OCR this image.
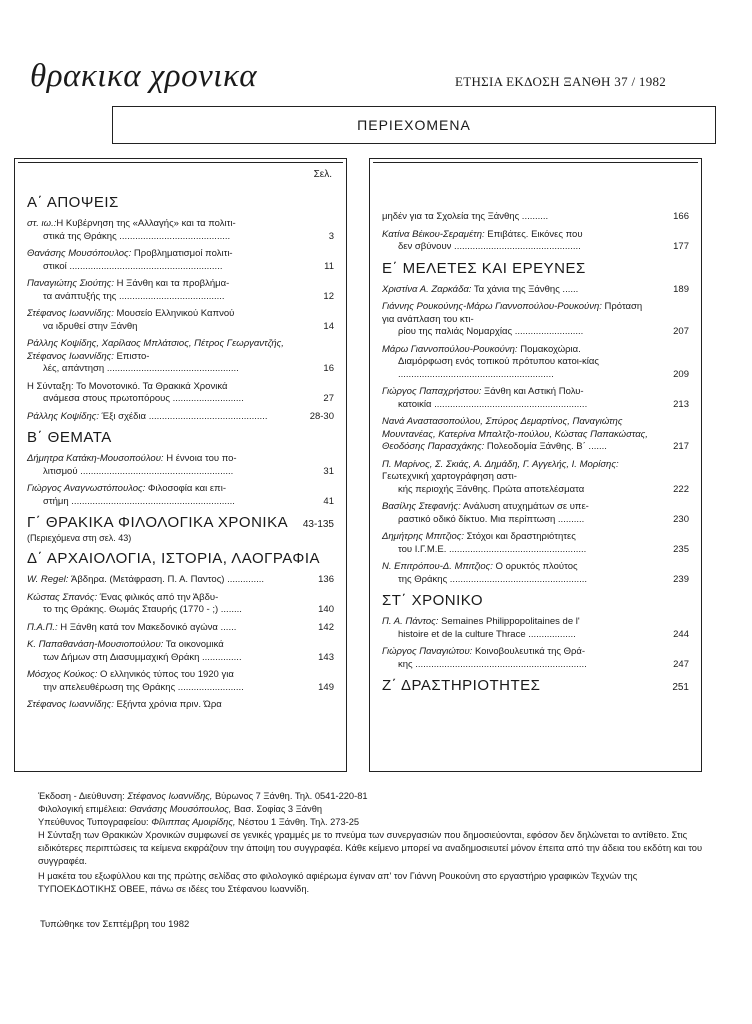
θρακικα χρονικα	ΕΤΗΣΙΑ ΕΚΔΟΣΗ ΞΑΝΘΗ 37 / 1982
ΠΕΡΙΕΧΟΜΕΝΑ
Σελ.
Α΄ ΑΠΟΨΕΙΣ
στ. ιω.:Η Κυβέρνηση της «Αλλαγής» και τα πολιτι-
στικά της Θράκης ..........................................	3
Θανάσης Μουσόπουλος: Προβληματισμοί πολιτι-
στικοί ..........................................................	11
Παναγιώτης Σιούτης: Η Ξάνθη και τα προβλήμα-
τα ανάπτυξής της ........................................	12
Στέφανος Ιωαννίδης: Μουσείο Ελληνικού Καπνού
να ιδρυθεί στην Ξάνθη	14
Ράλλης Κοψίδης, Χαρίλαος Μπλάτσιος, Πέτρος Γεωργαντζής, Στέφανος Ιωαννίδης: Επιστο-
λές, απάντηση ..................................................	16
Η Σύνταξη: Το Μονοτονικό. Τα Θρακικά Χρονικά
ανάμεσα στους πρωτοπόρους ...........................	27
Ράλλης Κοψίδης: Έξι σχέδια .............................................	28-30
Β΄ ΘΕΜΑΤΑ
Δήμητρα Κατάκη-Μουσοπούλου: Η έννοια του πο-
λιτισμού ..........................................................	31
Γιώργος Αναγνωστόπουλος: Φιλοσοφία και επι-
στήμη ..............................................................	41
Γ΄ ΘΡΑΚΙΚΑ ΦΙΛΟΛΟΓΙΚΑ ΧΡΟΝΙΚΑ 43-135
(Περιεχόμενα στη σελ. 43)
Δ΄ ΑΡΧΑΙΟΛΟΓΙΑ, ΙΣΤΟΡΙΑ, ΛΑΟΓΡΑΦΙΑ
W. Regel: Άβδηρα. (Μετάφραση. Π. Α. Παντος) ..............	136
Κώστας Σπανός: Ένας φιλικός από την Άβδυ-
το της Θράκης. Θωμάς Σταυρής (1770 - ;) ........	140
Π.Α.Π.: Η Ξάνθη κατά τον Μακεδονικό αγώνα ......	142
Κ. Παπαθανάση-Μουσιοπούλου: Τα οικονομικά
των Δήμων στη Διασυμμαχική Θράκη ...............	143
Μόσχος Κούκος: Ο ελληνικός τύπος του 1920 για
την απελευθέρωση της Θράκης .........................	149
Στέφανος Ιωαννίδης: Εξήντα χρόνια πριν. Ώρα
μηδέν για τα Σχολεία της Ξάνθης ..........	166
Κατίνα Βέικου-Σεραμέτη: Επιβάτες. Εικόνες που
δεν σβύνουν ................................................	177
Ε΄ ΜΕΛΕΤΕΣ ΚΑΙ ΕΡΕΥΝΕΣ
Χριστίνα Α. Ζαρκάδα: Τα χάνια της Ξάνθης ......	189
Γιάννης Ρουκούνης-Μάρω Γιαννοπούλου-Ρουκούνη: Πρόταση για ανάπλαση του κτι-
ρίου της παλιάς Νομαρχίας ..........................	207
Μάρω Γιαννοπούλου-Ρουκούνη: Πομακοχώρια.
Διαμόρφωση ενός τοπικού πρότυπου κατοι-κίας ...........................................................	209
Γιώργος Παπαχρήστου: Ξάνθη και Αστική Πολυ-
κατοικία ..........................................................	213
Νανά Αναστασοπούλου, Σπύρος Δεμαρτίνος, Παναγιώτης Μουντανέας, Κατερίνα Μπαλτζο-πούλου, Κώστας Παπακώστας, Θεοδόσης Παρασχάκης: Πολεοδομία Ξάνθης. Β΄ .......	217
Π. Μαρίνος, Σ. Σκιάς, Α. Δημάδη, Γ. Αγγελής, Ι. Μορίσης: Γεωτεχνική χαρτογράφηση αστι-
κής περιοχής Ξάνθης. Πρώτα αποτελέσματα	222
Βασίλης Στεφανής: Ανάλυση ατυχημάτων σε υπε-
ραστικό οδικό δίκτυο. Μια περίπτωση ..........	230
Δημήτρης Μπιτζιος: Στόχοι και δραστηριότητες
του Ι.Γ.Μ.Ε. ....................................................	235
Ν. Επιτρόπου-Δ. Μπιτζιος: Ο ορυκτός πλούτος
της Θράκης ....................................................	239
ΣΤ΄ ΧΡΟΝΙΚΟ
Π. Α. Πάντος: Semaines Philippopolitaines de l'
histoire et de la culture Thrace ..................	244
Γιώργος Παναγιώτου: Κοινοβουλευτικά της Θρά-
κης .................................................................	247
Ζ΄ ΔΡΑΣΤΗΡΙΟΤΗΤΕΣ	251

Έκδοση - Διεύθυνση: Στέφανος Ιωαννίδης, Βύρωνος 7 Ξάνθη. Τηλ. 0541-220-81

Φιλολογική επιμέλεια: Θανάσης Μουσόπουλος, Βασ. Σοφίας 3 Ξάνθη

Υπεύθυνος Τυπογραφείου: Φίλιππας Αμοιρίδης, Νέστου 1 Ξάνθη. Τηλ. 273-25

Η Σύνταξη των Θρακικών Χρονικών συμφωνεί σε γενικές γραμμές με το πνεύμα των συνεργασιών που δημοσιεύονται, εφόσον δεν δηλώνεται το αντίθετο. Στις ειδικότερες περιπτώσεις τα κείμενα εκφράζουν την άποψη του συγγραφέα. Κάθε κείμενο μπορεί να αναδημοσιευτεί μόνον έπειτα από την άδεια του εκδότη και του συγγραφέα.

Η μακέτα του εξωφύλλου και της πρώτης σελίδας στο φιλολογικό αφιέρωμα έγιναν απ' τον Γιάννη Ρουκούνη στο εργαστήριο γραφικών Τεχνών της ΤΥΠΟΕΚΔΟΤΙΚΗΣ ΟΒΕΕ, πάνω σε ιδέες του Στέφανου Ιωαννίδη.

Τυπώθηκε τον Σεπτέμβρη του 1982
